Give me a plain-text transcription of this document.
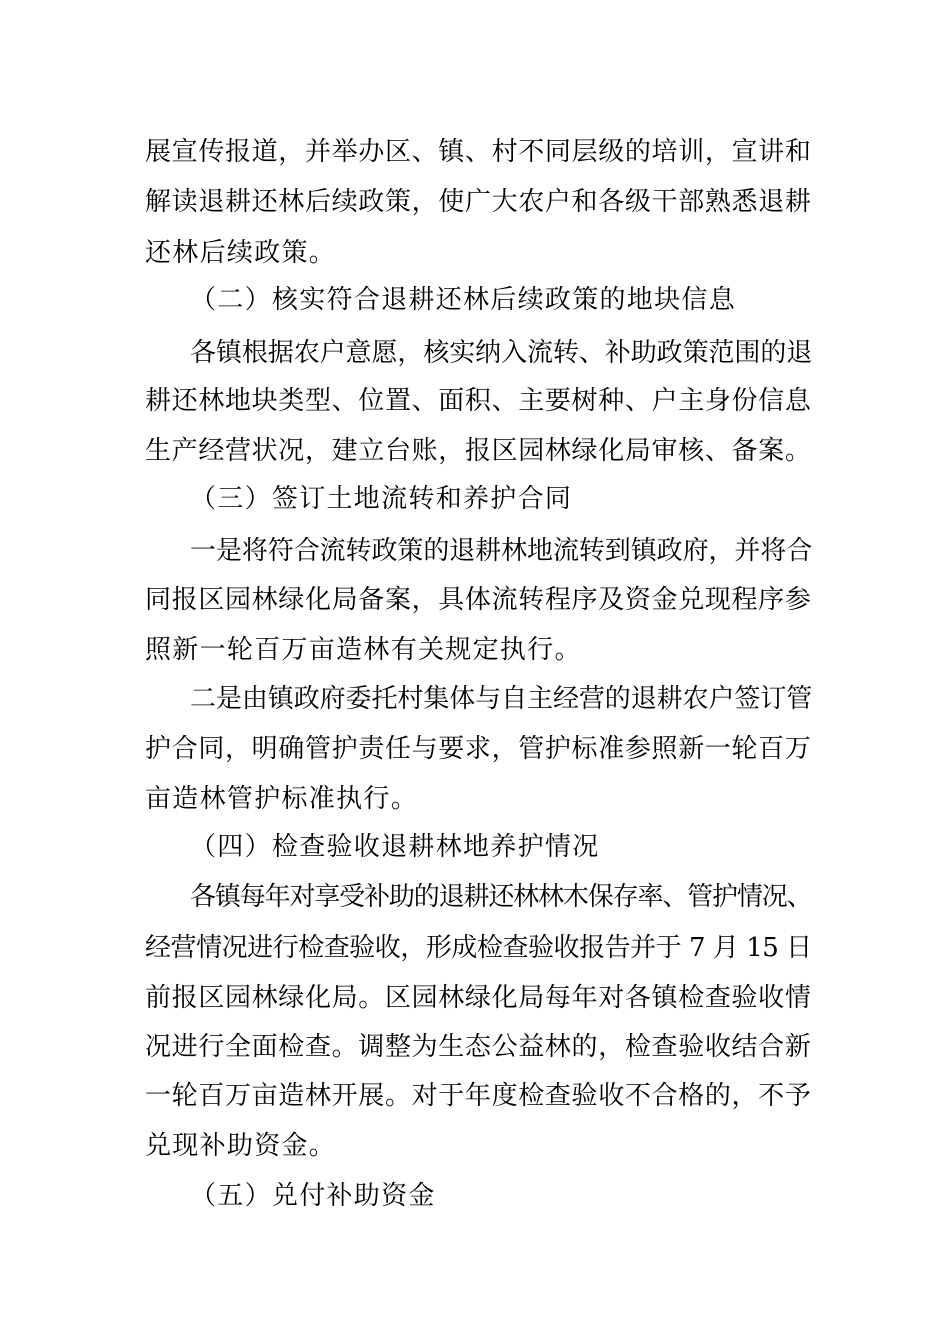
展宣传报道，并举办区、镇、村不同层级的培训，宣讲和
解读退耕还林后续政策，使广大农户和各级干部熟悉退耕
还林后续政策。
（二）核实符合退耕还林后续政策的地块信息
各镇根据农户意愿，核实纳入流转、补助政策范围的退
耕还林地块类型、位置、面积、主要树种、户主身份信息
生产经营状况，建立台账，报区园林绿化局审核、备案。
（三）签订土地流转和养护合同
一是将符合流转政策的退耕林地流转到镇政府，并将合
同报区园林绿化局备案，具体流转程序及资金兑现程序参
照新一轮百万亩造林有关规定执行。
二是由镇政府委托村集体与自主经营的退耕农户签订管
护合同，明确管护责任与要求，管护标准参照新一轮百万
亩造林管护标准执行。
（四）检查验收退耕林地养护情况
各镇每年对享受补助的退耕还林林木保存率、管护情况、
经营情况进行检查验收，形成检查验收报告并于 7 月 15 日
前报区园林绿化局。区园林绿化局每年对各镇检查验收情
况进行全面检查。调整为生态公益林的，检查验收结合新
一轮百万亩造林开展。对于年度检查验收不合格的，不予
兑现补助资金。
（五）兑付补助资金
